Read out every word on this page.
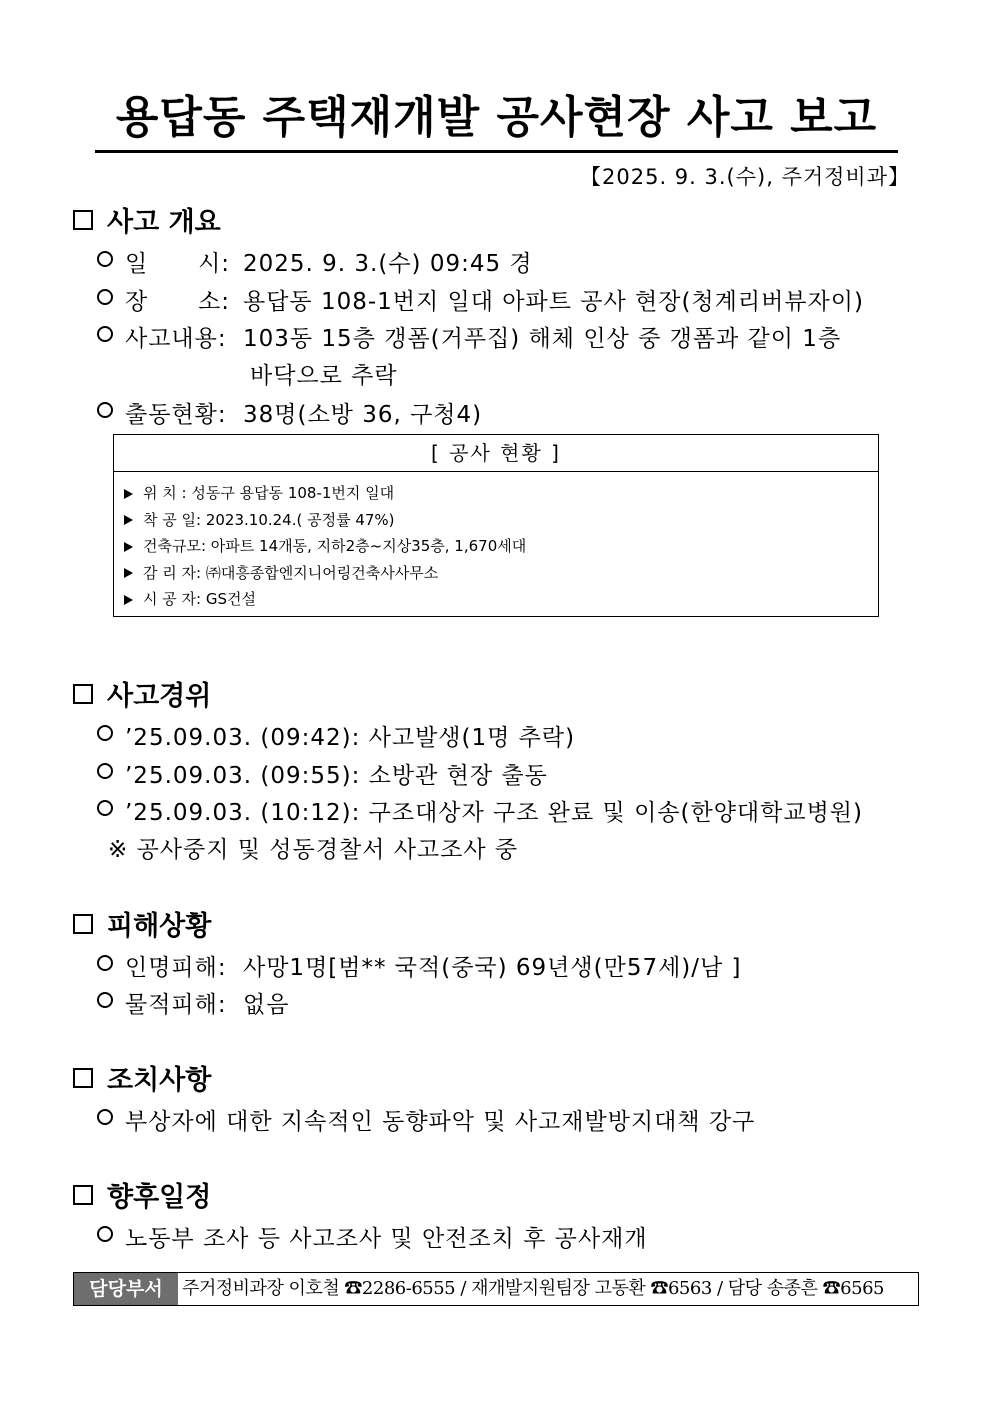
용답동 주택재개발 공사현장 사고 보고
【2025. 9. 3.(수), 주거정비과】
사고 개요
일      시: 2025. 9. 3.(수) 09:45 경
장      소: 용답동 108-1번지 일대 아파트 공사 현장(청계리버뷰자이)
사고내용: 103동 15층 갱폼(거푸집) 해체 인상 중 갱폼과 같이 1층
바닥으로 추락
출동현황: 38명(소방 36, 구청4)
[ 공사 현황 ]
위 치 : 성동구 용답동 108-1번지 일대
착 공 일: 2023.10.24.( 공정률 47%)
건축규모: 아파트 14개동, 지하2층~지상35층, 1,670세대
감 리 자: ㈜대흥종합엔지니어링건축사사무소
시 공 자: GS건설
사고경위
’25.09.03. (09:42): 사고발생(1명 추락)
’25.09.03. (09:55): 소방관 현장 출동
’25.09.03. (10:12): 구조대상자 구조 완료 및 이송(한양대학교병원)
※ 공사중지 및 성동경찰서 사고조사 중
피해상황
인명피해: 사망1명[범** 국적(중국) 69년생(만57세)/남 ]
물적피해: 없음
조치사항
부상자에 대한 지속적인 동향파악 및 사고재발방지대책 강구
향후일정
노동부 조사 등 사고조사 및 안전조치 후 공사재개
담당부서	주거정비과장 이호철 ☎2286-6555 / 재개발지원팀장 고동환 ☎6563 / 담당 송종흔 ☎6565
